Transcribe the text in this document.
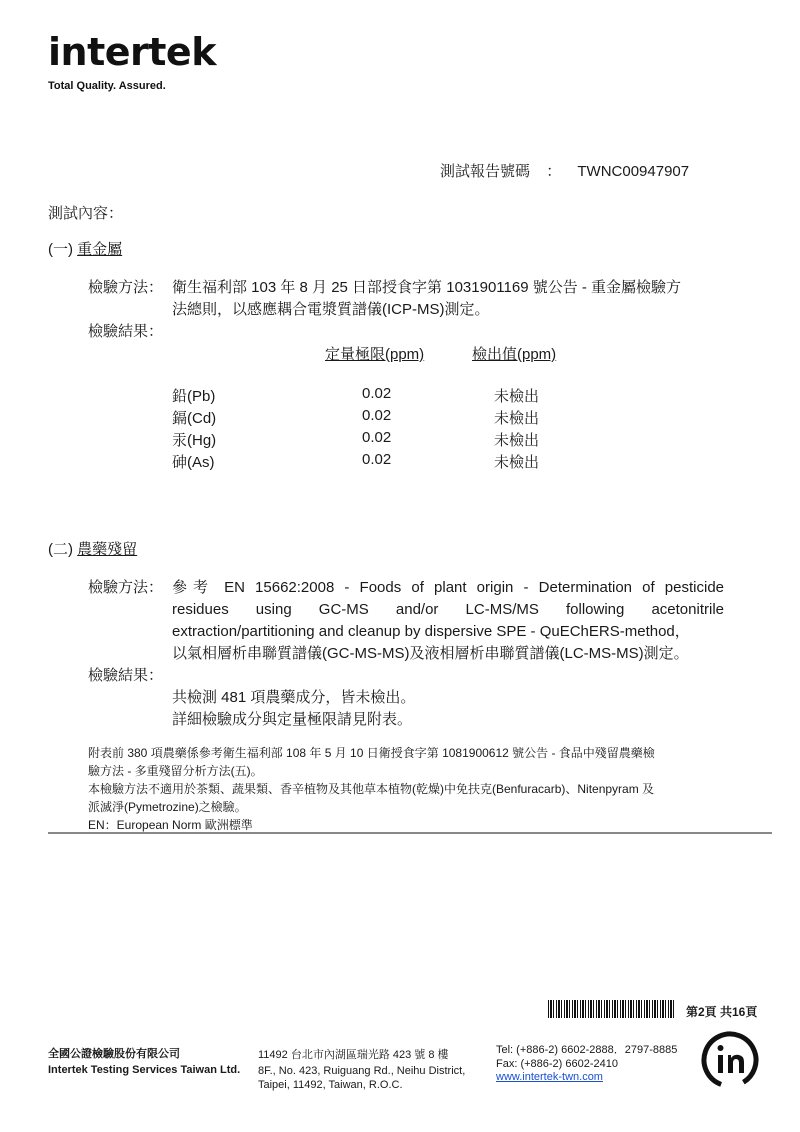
intertek
Total Quality. Assured.
測試報告號碼 ： TWNC00947907
測試內容：
(一) 重金屬
檢驗方法： 衛生福利部 103 年 8 月 25 日部授食字第 1031901169 號公告 - 重金屬檢驗方
法總則，以感應耦合電漿質譜儀(ICP-MS)測定。
檢驗結果：
定量極限(ppm)	檢出值(ppm)
鉛(Pb)	0.02	未檢出
鎘(Cd)	0.02	未檢出
汞(Hg)	0.02	未檢出
砷(As)	0.02	未檢出
(二) 農藥殘留
檢驗方法： 參考 EN 15662:2008 - Foods of plant origin - Determination of pesticide
residues using GC-MS and/or LC-MS/MS following acetonitrile
extraction/partitioning and cleanup by dispersive SPE - QuEChERS-method，
以氣相層析串聯質譜儀(GC-MS-MS)及液相層析串聯質譜儀(LC-MS-MS)測定。
檢驗結果：
共檢測 481 項農藥成分，皆未檢出。
詳細檢驗成分與定量極限請見附表。
附表前 380 項農藥係參考衛生福利部 108 年 5 月 10 日衛授食字第 1081900612 號公告 - 食品中殘留農藥檢
驗方法 - 多重殘留分析方法(五)。
本檢驗方法不適用於茶類、蔬果類、香辛植物及其他草本植物(乾燥)中免扶克(Benfuracarb)、Nitenpyram 及
派滅淨(Pymetrozine)之檢驗。
EN：European Norm 歐洲標準
第2頁 共16頁
全國公證檢驗股份有限公司
Intertek Testing Services Taiwan Ltd.
11492 台北市內湖區瑞光路 423 號 8 樓
8F., No. 423, Ruiguang Rd., Neihu District,
Taipei, 11492, Taiwan, R.O.C.
Tel: (+886-2) 6602-2888．2797-8885
Fax: (+886-2) 6602-2410
www.intertek-twn.com
